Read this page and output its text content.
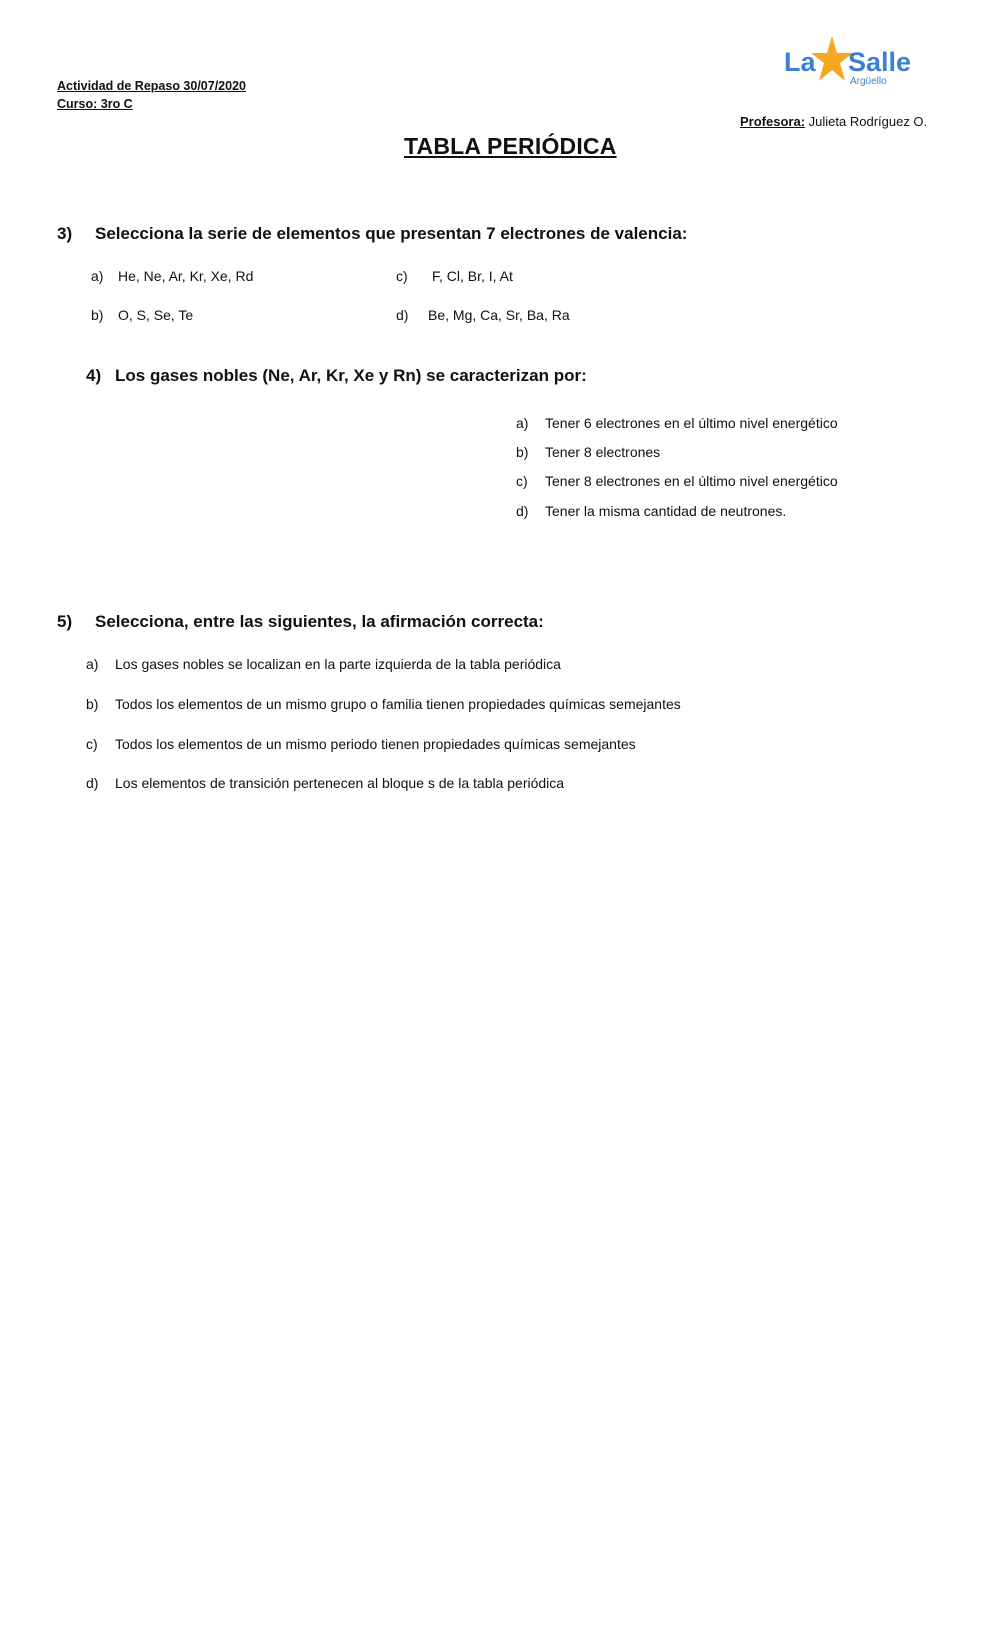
Actividad de Repaso 30/07/2020
Curso: 3ro C
La Salle
Argüello
Profesora: Julieta Rodríguez O.
TABLA PERIÓDICA
3) Selecciona la serie de elementos que presentan 7 electrones de valencia:
a) He, Ne, Ar, Kr, Xe, Rd
b) O, S, Se, Te
c) F, Cl, Br, I, At
d) Be, Mg, Ca, Sr, Ba, Ra
4) Los gases nobles (Ne, Ar, Kr, Xe y Rn) se caracterizan por:
a) Tener 6 electrones en el último nivel energético
b) Tener 8 electrones
c) Tener 8 electrones en el último nivel energético
d) Tener la misma cantidad de neutrones.
5) Selecciona, entre las siguientes, la afirmación correcta:
a) Los gases nobles se localizan en la parte izquierda de la tabla periódica
b) Todos los elementos de un mismo grupo o familia tienen propiedades químicas semejantes
c) Todos los elementos de un mismo periodo tienen propiedades químicas semejantes
d) Los elementos de transición pertenecen al bloque s de la tabla periódica
